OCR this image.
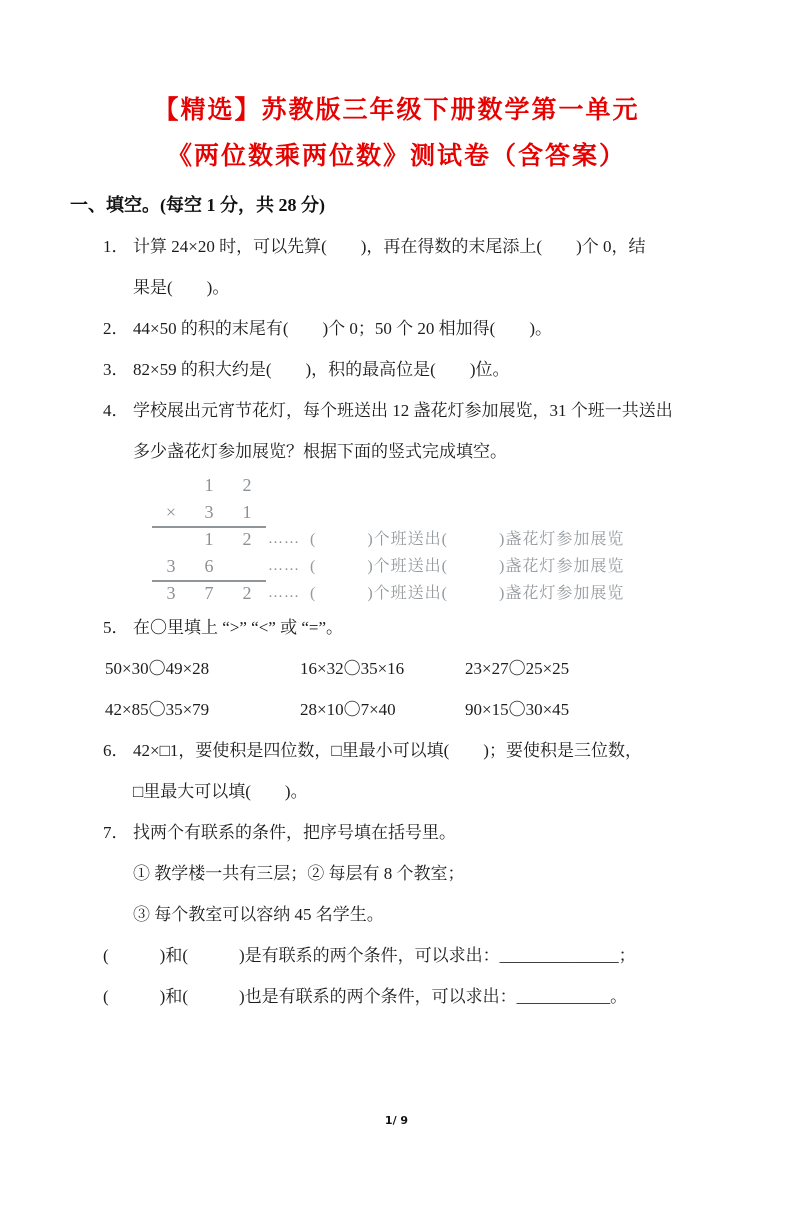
【精选】苏教版三年级下册数学第一单元
《两位数乘两位数》测试卷（含答案）
一、填空。(每空 1 分，共 28 分)
1． 计算 24×20 时，可以先算(　　)，再在得数的末尾添上(　　)个 0，结
果是(　　)。
2． 44×50 的积的末尾有(　　)个 0；50 个 20 相加得(　　)。
3． 82×59 的积大约是(　　)，积的最高位是(　　)位。
4． 学校展出元宵节花灯，每个班送出 12 盏花灯参加展览，31 个班一共送出
多少盏花灯参加展览？根据下面的竖式完成填空。
1 2
× 3 1
1 2 …… (　　　)个班送出(　　　)盏花灯参加展览
3 6	…… (　　　)个班送出(　　　)盏花灯参加展览
3 7 2 …… (　　　)个班送出(　　　)盏花灯参加展览
5． 在〇里填上 “>” “<” 或 “=”。
50×30〇49×28	16×32〇35×16	23×27〇25×25
42×85〇35×79	28×10〇7×40	90×15〇30×45
6． 42×□1，要使积是四位数，□里最小可以填(　　)；要使积是三位数，
□里最大可以填(　　)。
7． 找两个有联系的条件，把序号填在括号里。
① 教学楼一共有三层；② 每层有 8 个教室；
③ 每个教室可以容纳 45 名学生。
(　　　)和(　　　)是有联系的两个条件，可以求出：______________；
(　　　)和(　　　)也是有联系的两个条件，可以求出：___________。
1/ 9
